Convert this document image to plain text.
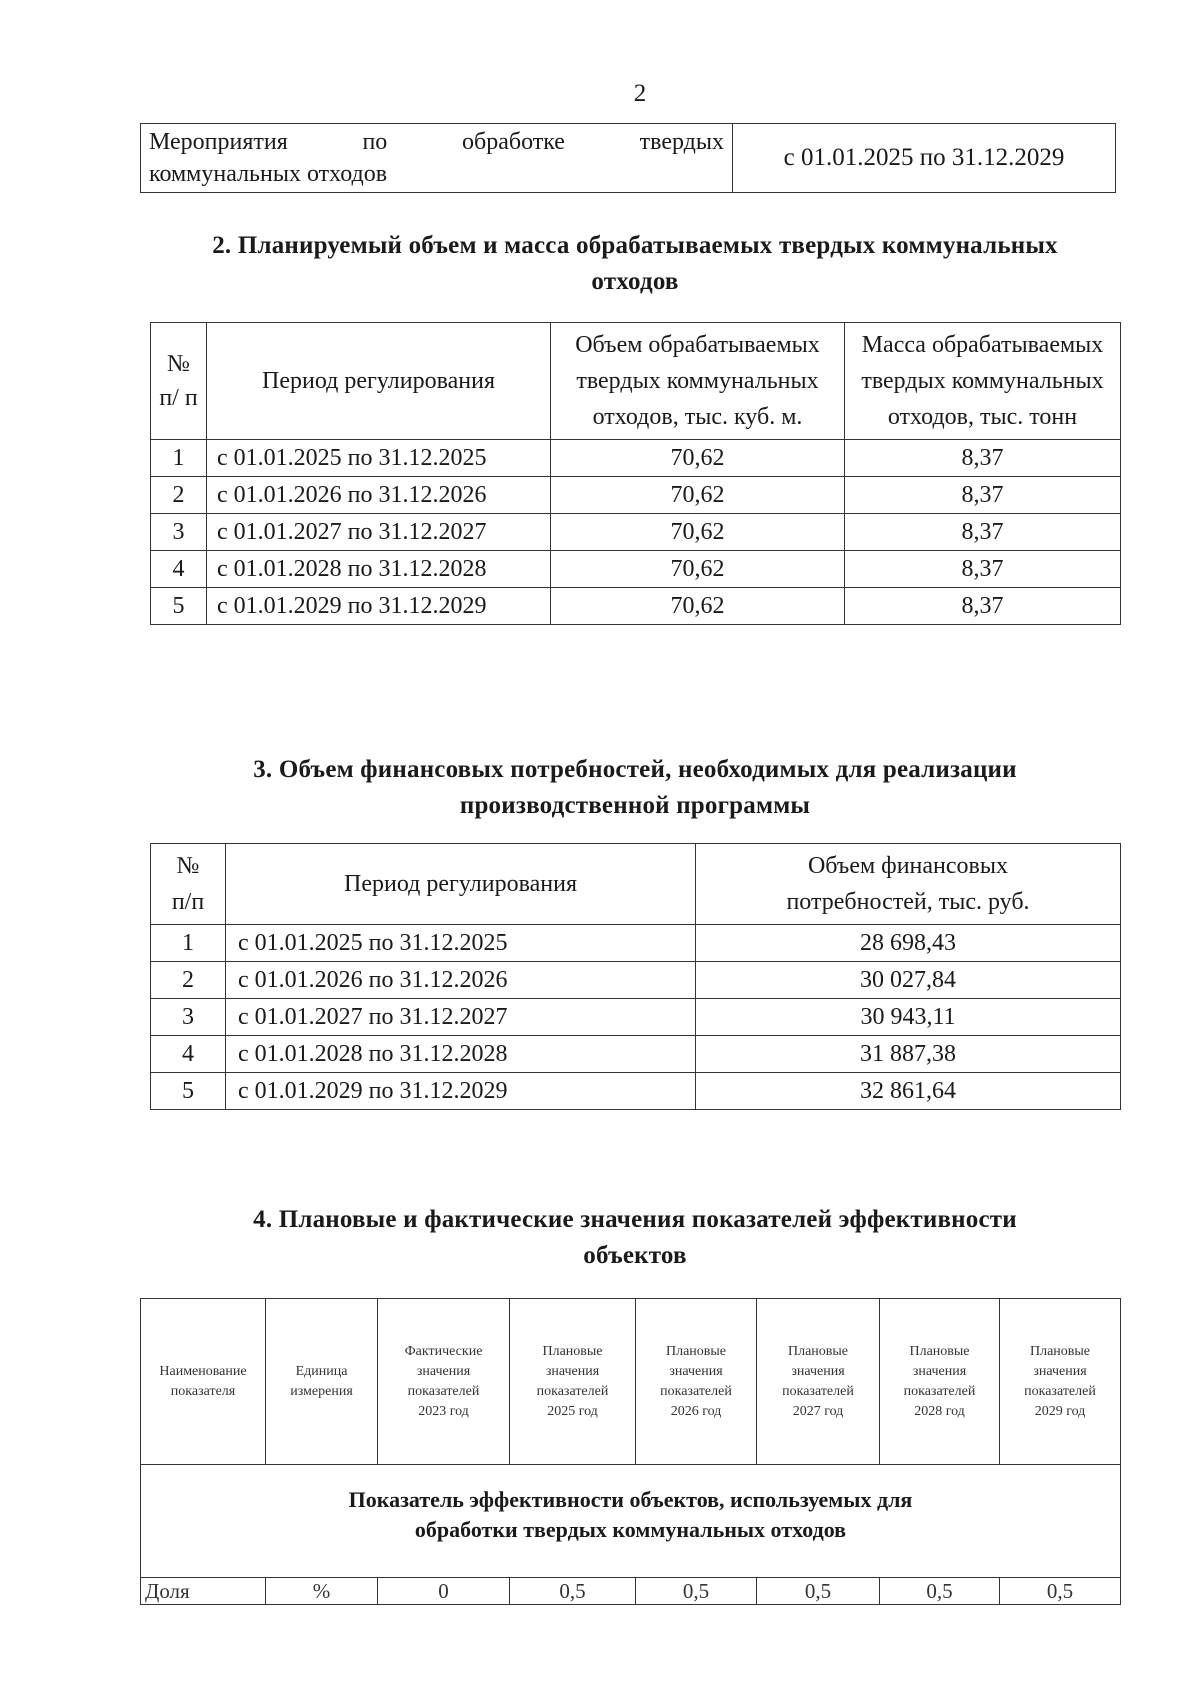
2
Мероприятия по обработке твердых
коммунальных отходов
	с 01.01.2025 по 31.12.2029
2. Планируемый объем и масса обрабатываемых твердых коммунальных
отходов
№ п/ п	Период регулирования	Объем обрабатываемых твердых коммунальных отходов, тыс. куб. м.	Масса обрабатываемых твердых коммунальных отходов, тыс. тонн
1	с 01.01.2025 по 31.12.2025	70,62	8,37
2	с 01.01.2026 по 31.12.2026	70,62	8,37
3	с 01.01.2027 по 31.12.2027	70,62	8,37
4	с 01.01.2028 по 31.12.2028	70,62	8,37
5	с 01.01.2029 по 31.12.2029	70,62	8,37
3. Объем финансовых потребностей, необходимых для реализации
производственной программы
№ п/п	Период регулирования	Объем финансовых потребностей, тыс. руб.
1	с 01.01.2025 по 31.12.2025	28 698,43
2	с 01.01.2026 по 31.12.2026	30 027,84
3	с 01.01.2027 по 31.12.2027	30 943,11
4	с 01.01.2028 по 31.12.2028	31 887,38
5	с 01.01.2029 по 31.12.2029	32 861,64
4. Плановые и фактические значения показателей эффективности
объектов
Наименование показателя	Единица измерения	Фактические значения показателей 2023 год	Плановые значения показателей 2025 год	Плановые значения показателей 2026 год	Плановые значения показателей 2027 год	Плановые значения показателей 2028 год	Плановые значения показателей 2029 год

Показатель эффективности объектов, используемых для обработки твердых коммунальных отходов							

Доля	%	0	0,5	0,5	0,5	0,5	0,5
